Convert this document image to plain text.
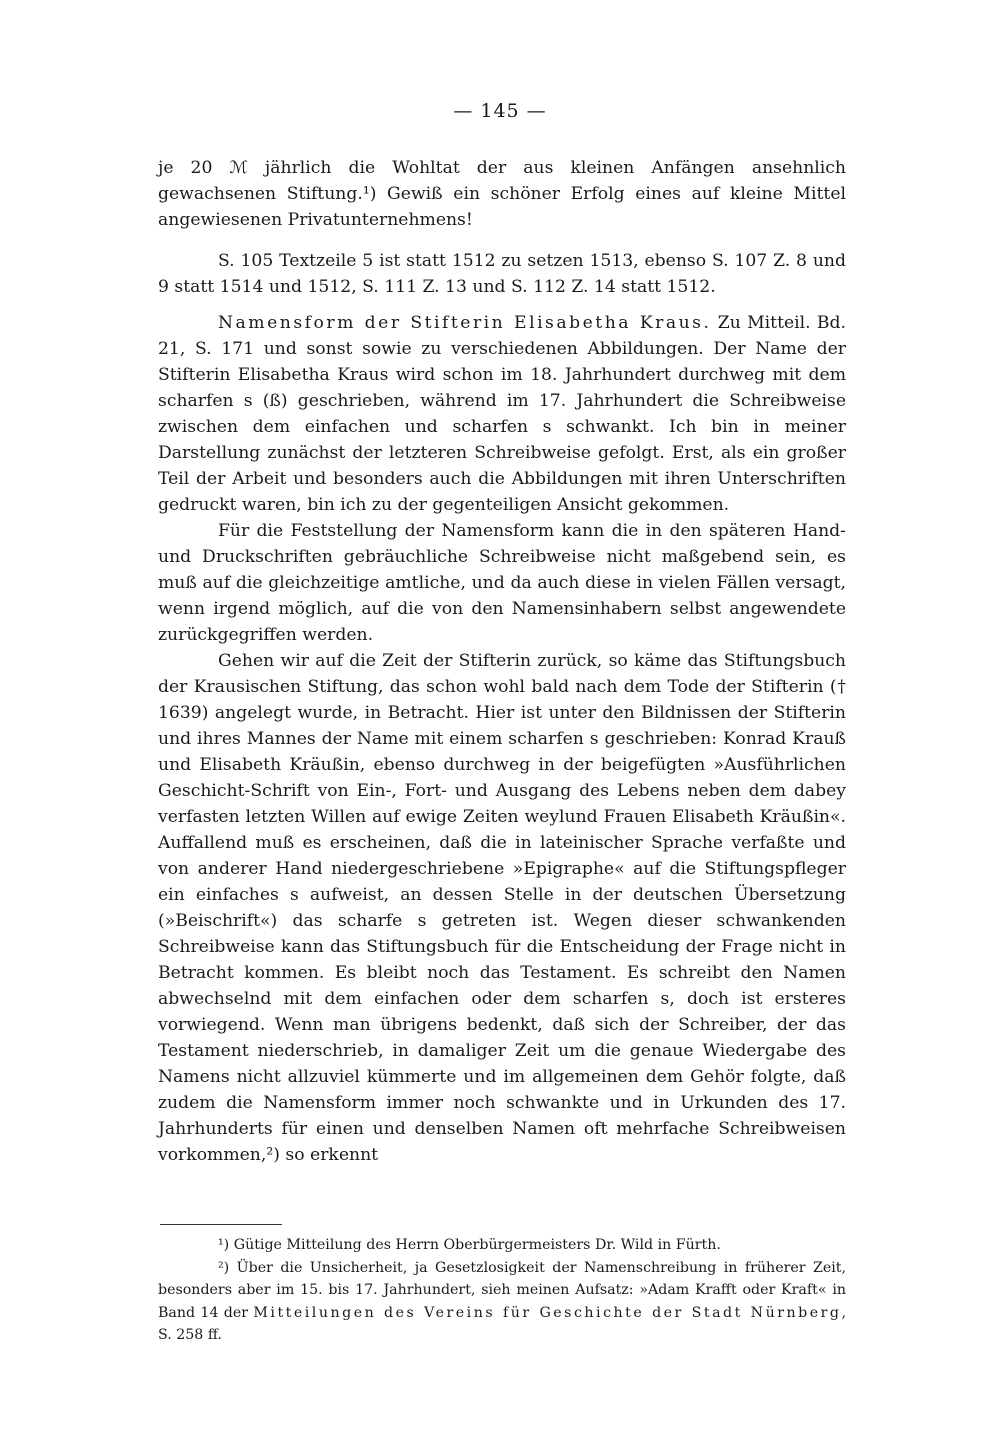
— 145 —

je 20 ℳ jährlich die Wohltat der aus kleinen Anfängen ansehnlich gewachsenen Stiftung.¹) Gewiß ein schöner Erfolg eines auf kleine Mittel angewiesenen Privatunternehmens!

S. 105 Textzeile 5 ist statt 1512 zu setzen 1513, ebenso S. 107 Z. 8 und 9 statt 1514 und 1512, S. 111 Z. 13 und S. 112 Z. 14 statt 1512.

Namensform der Stifterin Elisabetha Kraus. Zu Mitteil. Bd. 21, S. 171 und sonst sowie zu verschiedenen Abbildungen. Der Name der Stifterin Elisabetha Kraus wird schon im 18. Jahrhundert durchweg mit dem scharfen s (ß) geschrieben, während im 17. Jahrhundert die Schreibweise zwischen dem einfachen und scharfen s schwankt. Ich bin in meiner Darstellung zunächst der letzteren Schreibweise gefolgt. Erst, als ein großer Teil der Arbeit und besonders auch die Abbildungen mit ihren Unterschriften gedruckt waren, bin ich zu der gegenteiligen Ansicht gekommen.

Für die Feststellung der Namensform kann die in den späteren Hand- und Druckschriften gebräuchliche Schreibweise nicht maßgebend sein, es muß auf die gleichzeitige amtliche, und da auch diese in vielen Fällen versagt, wenn irgend möglich, auf die von den Namensinhabern selbst angewendete zurückgegriffen werden.

Gehen wir auf die Zeit der Stifterin zurück, so käme das Stiftungsbuch der Krausischen Stiftung, das schon wohl bald nach dem Tode der Stifterin († 1639) angelegt wurde, in Betracht. Hier ist unter den Bildnissen der Stifterin und ihres Mannes der Name mit einem scharfen s geschrieben: Konrad Krauß und Elisabeth Kräußin, ebenso durchweg in der beigefügten »Ausführlichen Geschicht-Schrift von Ein-, Fort- und Ausgang des Lebens neben dem dabey verfasten letzten Willen auf ewige Zeiten weylund Frauen Elisabeth Kräußin«. Auffallend muß es erscheinen, daß die in lateinischer Sprache verfaßte und von anderer Hand niedergeschriebene »Epigraphe« auf die Stiftungspfleger ein einfaches s aufweist, an dessen Stelle in der deutschen Übersetzung (»Beischrift«) das scharfe s getreten ist. Wegen dieser schwankenden Schreibweise kann das Stiftungsbuch für die Entscheidung der Frage nicht in Betracht kommen. Es bleibt noch das Testament. Es schreibt den Namen abwechselnd mit dem einfachen oder dem scharfen s, doch ist ersteres vorwiegend. Wenn man übrigens bedenkt, daß sich der Schreiber, der das Testament niederschrieb, in damaliger Zeit um die genaue Wiedergabe des Namens nicht allzuviel kümmerte und im allgemeinen dem Gehör folgte, daß zudem die Namensform immer noch schwankte und in Urkunden des 17. Jahrhunderts für einen und denselben Namen oft mehrfache Schreibweisen vorkommen,²) so erkennt

¹) Gütige Mitteilung des Herrn Oberbürgermeisters Dr. Wild in Fürth.

²) Über die Unsicherheit, ja Gesetzlosigkeit der Namenschreibung in früherer Zeit, besonders aber im 15. bis 17. Jahrhundert, sieh meinen Aufsatz: »Adam Krafft oder Kraft« in Band 14 der Mitteilungen des Vereins für Geschichte der Stadt Nürnberg, S. 258 ff.
